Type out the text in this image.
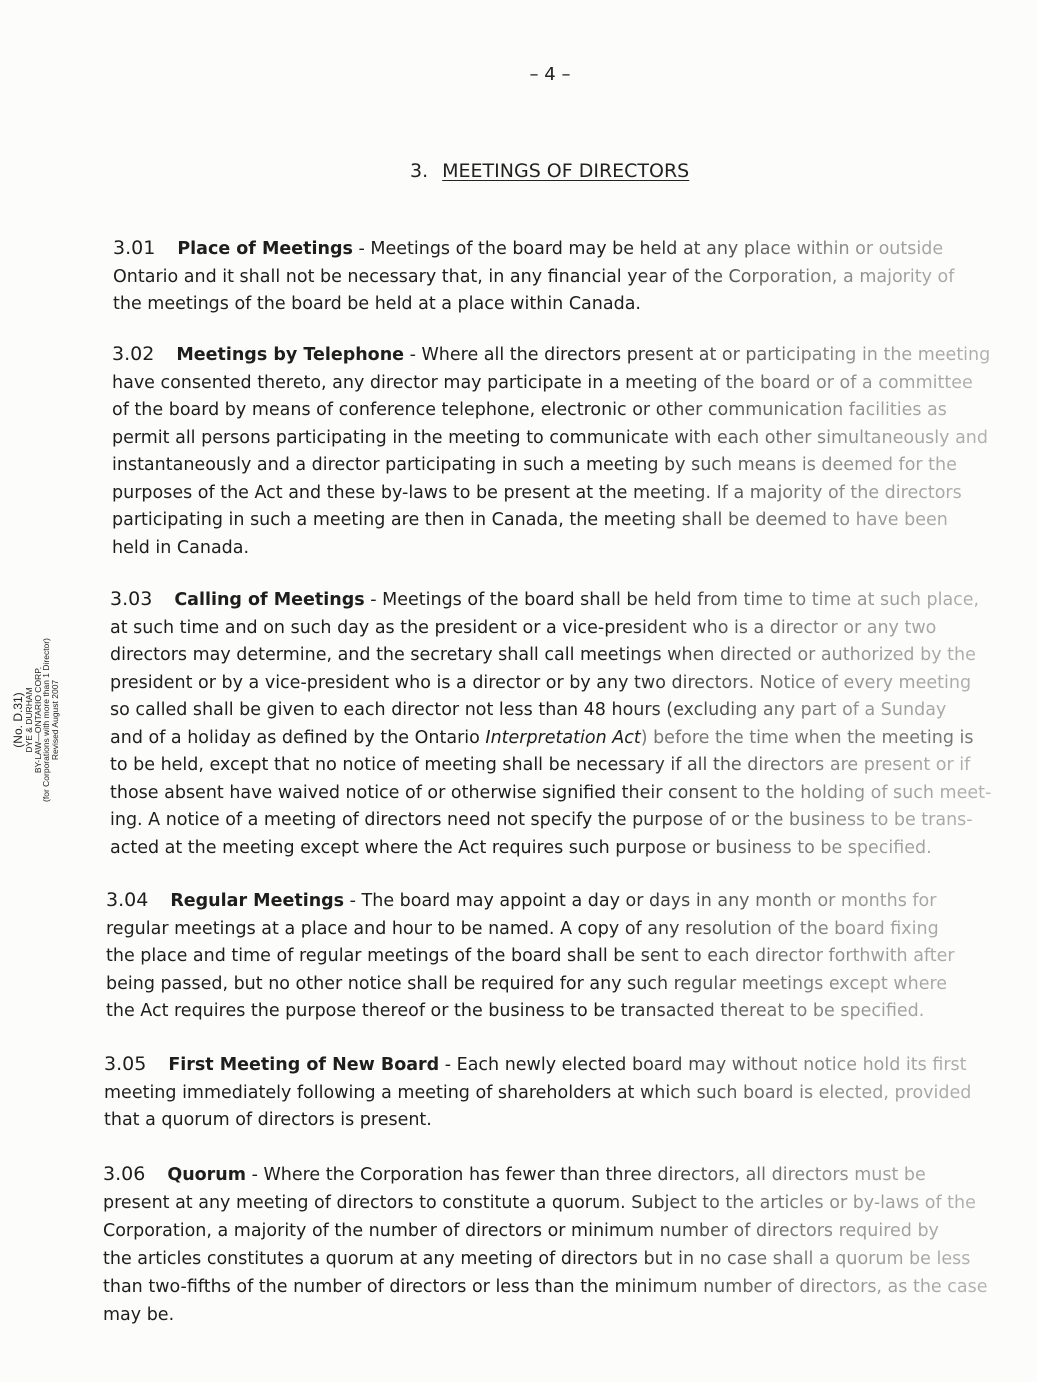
– 4 –
3. MEETINGS OF DIRECTORS
(No. D.31)
DYE & DURHAM
BY-LAW—ONTARIO CORP.
(for Corporations with more than 1 Director)
Revised August 2007
3.01 Place of Meetings - Meetings of the board may be held at any place within or outside
Ontario and it shall not be necessary that, in any financial year of the Corporation, a majority of
the meetings of the board be held at a place within Canada.
3.02 Meetings by Telephone - Where all the directors present at or participating in the meeting
have consented thereto, any director may participate in a meeting of the board or of a committee
of the board by means of conference telephone, electronic or other communication facilities as
permit all persons participating in the meeting to communicate with each other simultaneously and
instantaneously and a director participating in such a meeting by such means is deemed for the
purposes of the Act and these by-laws to be present at the meeting. If a majority of the directors
participating in such a meeting are then in Canada, the meeting shall be deemed to have been
held in Canada.
3.03 Calling of Meetings - Meetings of the board shall be held from time to time at such place,
at such time and on such day as the president or a vice-president who is a director or any two
directors may determine, and the secretary shall call meetings when directed or authorized by the
president or by a vice-president who is a director or by any two directors. Notice of every meeting
so called shall be given to each director not less than 48 hours (excluding any part of a Sunday
and of a holiday as defined by the Ontario Interpretation Act) before the time when the meeting is
to be held, except that no notice of meeting shall be necessary if all the directors are present or if
those absent have waived notice of or otherwise signified their consent to the holding of such meet-
ing. A notice of a meeting of directors need not specify the purpose of or the business to be trans-
acted at the meeting except where the Act requires such purpose or business to be specified.
3.04 Regular Meetings - The board may appoint a day or days in any month or months for
regular meetings at a place and hour to be named. A copy of any resolution of the board fixing
the place and time of regular meetings of the board shall be sent to each director forthwith after
being passed, but no other notice shall be required for any such regular meetings except where
the Act requires the purpose thereof or the business to be transacted thereat to be specified.
3.05 First Meeting of New Board - Each newly elected board may without notice hold its first
meeting immediately following a meeting of shareholders at which such board is elected, provided
that a quorum of directors is present.
3.06 Quorum - Where the Corporation has fewer than three directors, all directors must be
present at any meeting of directors to constitute a quorum. Subject to the articles or by-laws of the
Corporation, a majority of the number of directors or minimum number of directors required by
the articles constitutes a quorum at any meeting of directors but in no case shall a quorum be less
than two-fifths of the number of directors or less than the minimum number of directors, as the case
may be.
